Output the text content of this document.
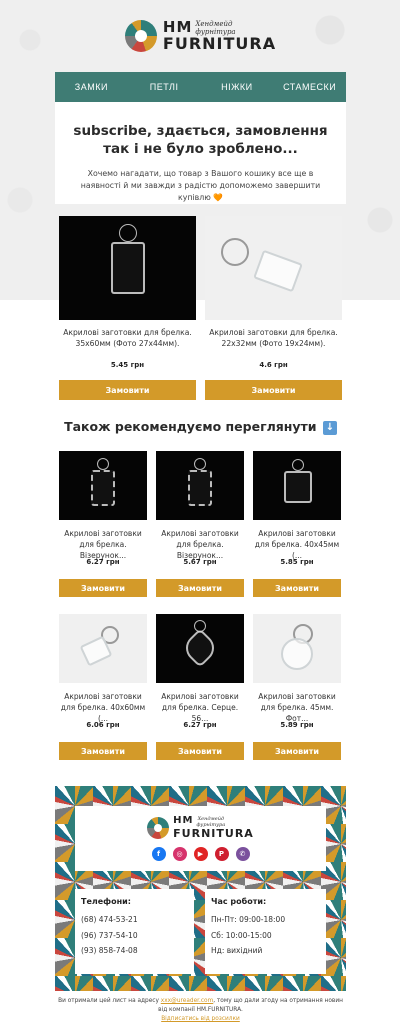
НМ Хендмейд
фурнітура
FURNITURA
ЗАМКИ	ПЕТЛІ	НІЖКИ	СТАМЕСКИ
subscribe, здається, замовлення так і не було зроблено...
Хочемо нагадати, що товар з Вашого кошику все ще в наявності й ми завжди з радістю допоможемо завершити купівлю 🧡
Акрилові заготовки для брелка. 35х60мм (Фото 27х44мм).
5.45 грн
Замовити
Акрилові заготовки для брелка. 22х32мм (Фото 19х24мм).
4.6 грн
Замовити
Також рекомендуємо переглянути ↓
Акрилові заготовки для брелка. Візерунок...
6.27 грн
Замовити
Акрилові заготовки для брелка. Візерунок...
5.67 грн
Замовити
Акрилові заготовки для брелка. 40х45мм (...
5.85 грн
Замовити
Акрилові заготовки для брелка. 40х60мм (...
6.06 грн
Замовити
Акрилові заготовки для брелка. Серце. 56...
6.27 грн
Замовити
Акрилові заготовки для брелка. 45мм. Фот...
5.89 грн
Замовити
НМ Хендмейд
фурнітура
FURNITURA
f	◎	▶	P	✆
Телефони:
(68) 474-53-21
(96) 737-54-10
(93) 858-74-08
Час роботи:
Пн-Пт: 09:00-18:00
Сб: 10:00-15:00
Нд: вихідний
Ви отримали цей лист на адресу xxx@ureader.com, тому що дали згоду на отримання новин від компанії HM.FURNITURA.
Відписатись від розсилки
